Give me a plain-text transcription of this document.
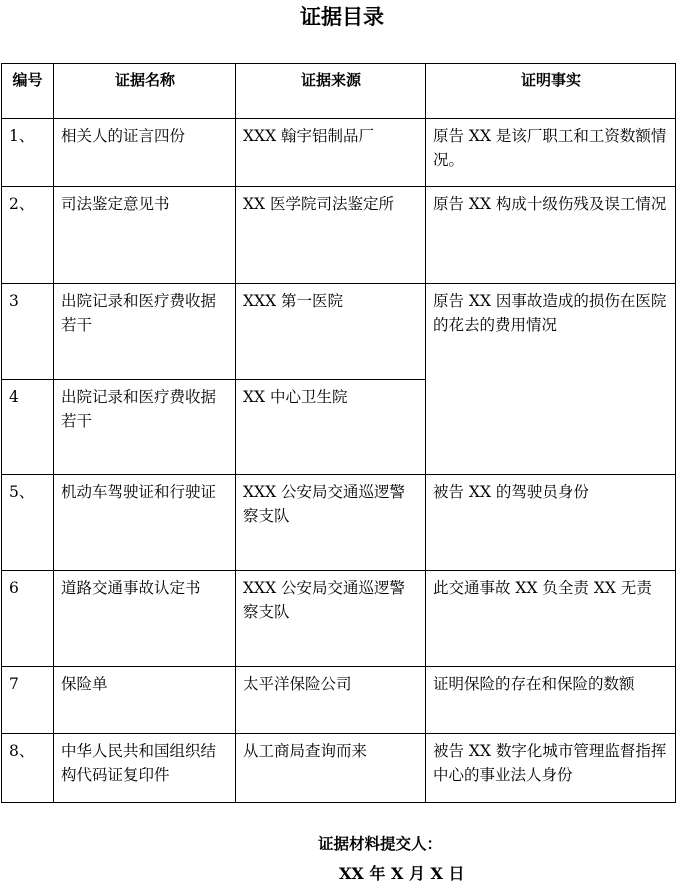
证据目录
编号	证据名称	证据来源	证明事实
1、	相关人的证言四份	XXX 翰宇铝制品厂	原告 XX 是该厂职工和工资数额情况。
2、	司法鉴定意见书	XX 医学院司法鉴定所	原告 XX 构成十级伤残及误工情况
3	出院记录和医疗费收据若干	XXX 第一医院	原告 XX 因事故造成的损伤在医院的花去的费用情况
4	出院记录和医疗费收据若干	XX 中心卫生院	
5、	机动车驾驶证和行驶证	XXX 公安局交通巡逻警察支队	被告 XX 的驾驶员身份
6	道路交通事故认定书	XXX 公安局交通巡逻警察支队	此交通事故 XX 负全责 XX 无责
7	保险单	太平洋保险公司	证明保险的存在和保险的数额
8、	中华人民共和国组织结构代码证复印件	从工商局查询而来	被告 XX 数字化城市管理监督指挥中心的事业法人身份
证据材料提交人：
XX 年 X 月 X 日
